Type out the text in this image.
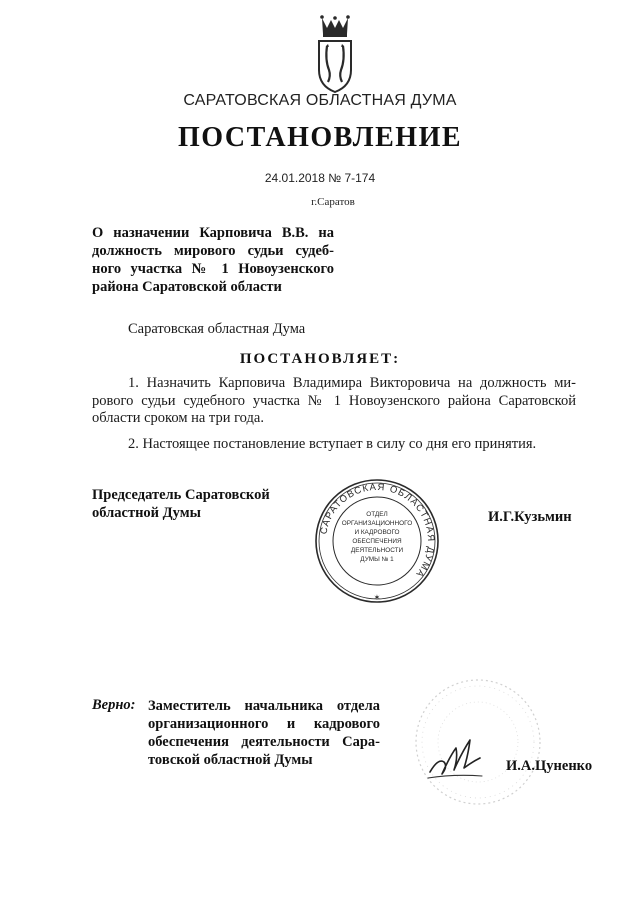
САРАТОВСКАЯ ОБЛАСТНАЯ ДУМА
ПОСТАНОВЛЕНИЕ
24.01.2018 № 7-174
г.Саратов
О назначении Карповича В.В. на должность мирового судьи судеб-ного участка № 1 Новоузенского района Саратовской области
Саратовская областная Дума
ПОСТАНОВЛЯЕТ:
1. Назначить Карповича Владимира Викторовича на должность ми-рового судьи судебного участка № 1 Новоузенского района Саратовской области сроком на три года.
2. Настоящее постановление вступает в силу со дня его принятия.
Председатель Саратовской областной Думы
САРАТОВСКАЯ ОБЛАСТНАЯ ДУМА
✶
ОТДЕЛ
ОРГАНИЗАЦИОННОГО
И КАДРОВОГО
ОБЕСПЕЧЕНИЯ
ДЕЯТЕЛЬНОСТИ
ДУМЫ № 1
И.Г.Кузьмин
Верно: Заместитель начальника отдела организационного и кадрового обеспечения деятельности Сара-товской областной Думы	И.А.Цуненко
